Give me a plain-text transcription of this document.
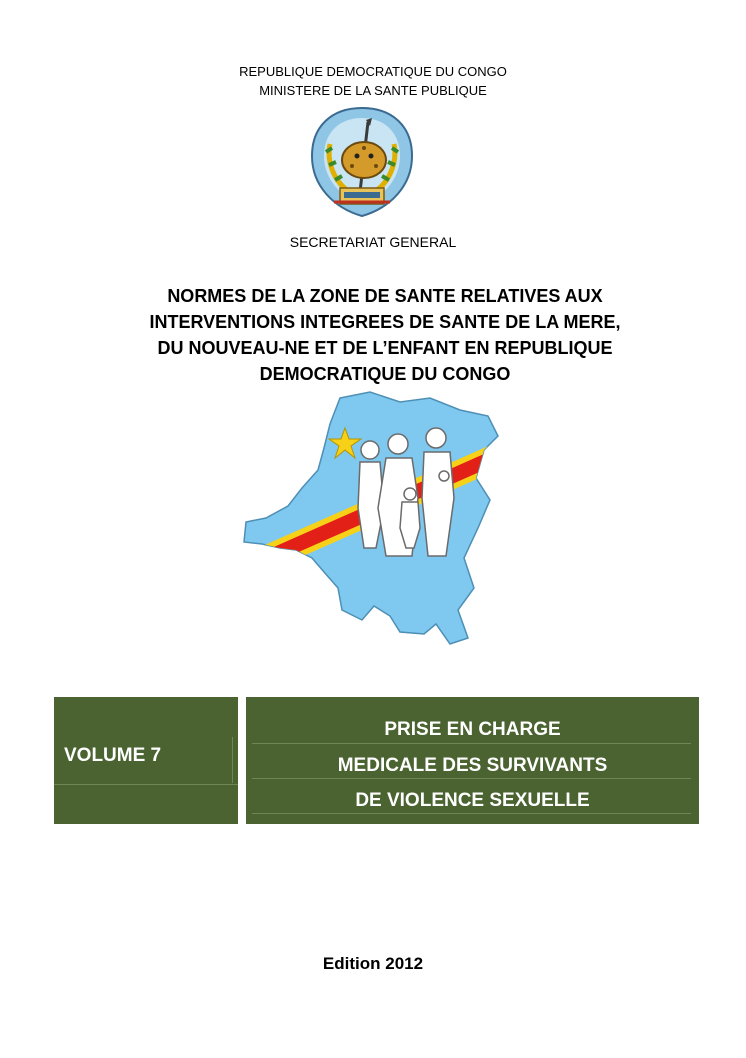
REPUBLIQUE DEMOCRATIQUE DU CONGO
MINISTERE DE LA SANTE PUBLIQUE
SECRETARIAT GENERAL
NORMES DE LA ZONE DE SANTE RELATIVES AUX
INTERVENTIONS INTEGREES DE SANTE DE LA MERE,
DU NOUVEAU-NE ET DE L’ENFANT EN REPUBLIQUE
DEMOCRATIQUE DU CONGO
VOLUME 7
PRISE EN CHARGE
MEDICALE DES SURVIVANTS
DE VIOLENCE SEXUELLE
Edition 2012
